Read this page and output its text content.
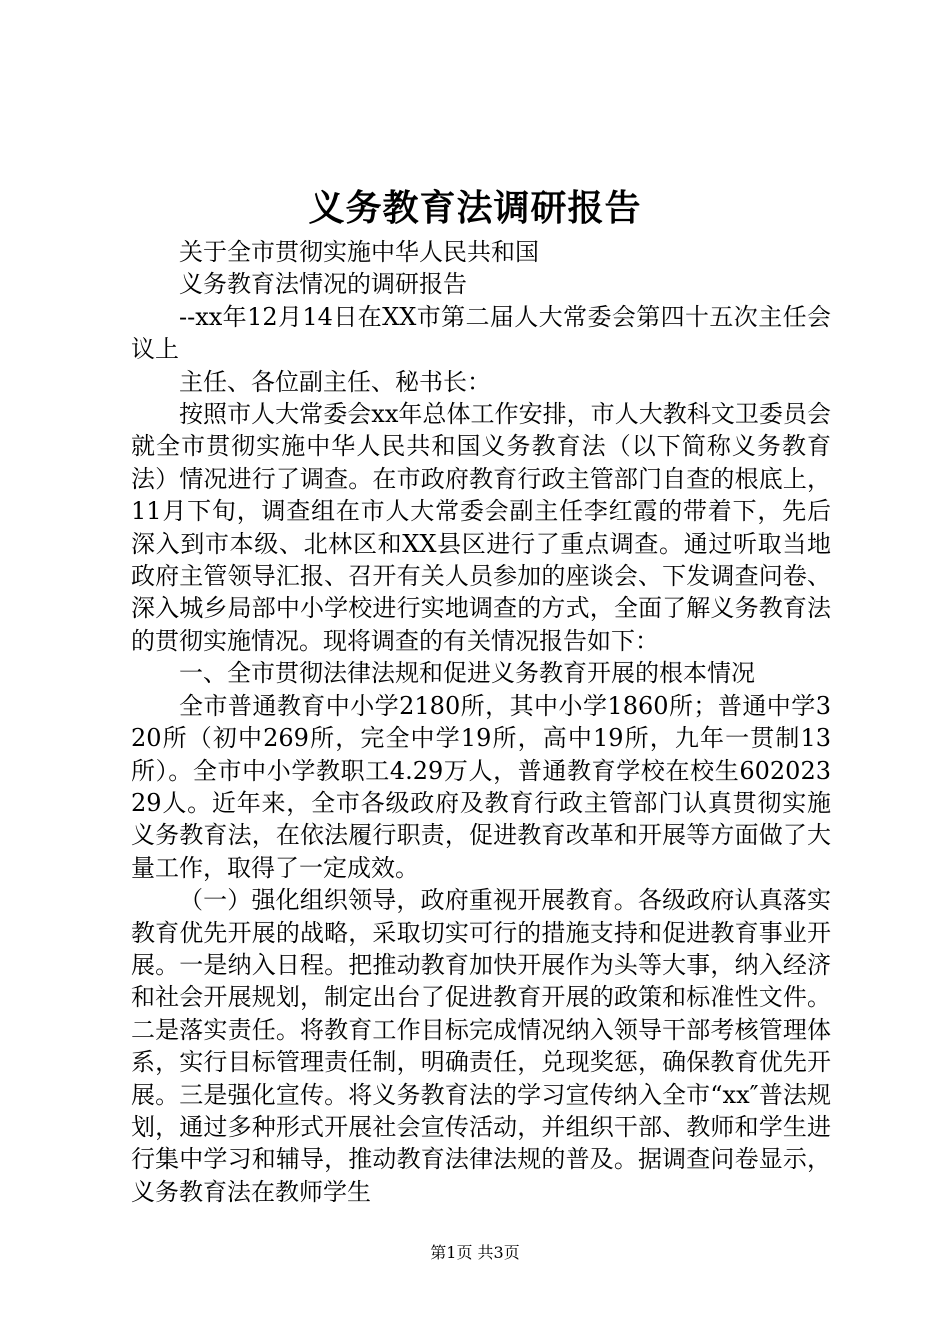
义务教育法调研报告

关于全市贯彻实施中华人民共和国

义务教育法情况的调研报告

--xx年12月14日在XX市第二届人大常委会第四十五次主任会议上

主任、各位副主任、秘书长：

按照市人大常委会xx年总体工作安排，市人大教科文卫委员会就全市贯彻实施中华人民共和国义务教育法（以下简称义务教育法）情况进行了调查。在市政府教育行政主管部门自查的根底上，11月下旬，调查组在市人大常委会副主任李红霞的带着下，先后深入到市本级、北林区和XX县区进行了重点调查。通过听取当地政府主管领导汇报、召开有关人员参加的座谈会、下发调查问卷、深入城乡局部中小学校进行实地调查的方式，全面了解义务教育法的贯彻实施情况。现将调查的有关情况报告如下：

一、全市贯彻法律法规和促进义务教育开展的根本情况

全市普通教育中小学2180所，其中小学1860所；普通中学320所（初中269所，完全中学19所，高中19所，九年一贯制13所）。全市中小学教职工4.29万人，普通教育学校在校生60202329人。近年来，全市各级政府及教育行政主管部门认真贯彻实施义务教育法，在依法履行职责，促进教育改革和开展等方面做了大量工作，取得了一定成效。

（一）强化组织领导，政府重视开展教育。各级政府认真落实教育优先开展的战略，采取切实可行的措施支持和促进教育事业开展。一是纳入日程。把推动教育加快开展作为头等大事，纳入经济和社会开展规划，制定出台了促进教育开展的政策和标准性文件。二是落实责任。将教育工作目标完成情况纳入领导干部考核管理体系，实行目标管理责任制，明确责任，兑现奖惩，确保教育优先开展。三是强化宣传。将义务教育法的学习宣传纳入全市“xx″普法规划，通过多种形式开展社会宣传活动，并组织干部、教师和学生进行集中学习和辅导，推动教育法律法规的普及。据调查问卷显示，义务教育法在教师学生

第1页 共3页
